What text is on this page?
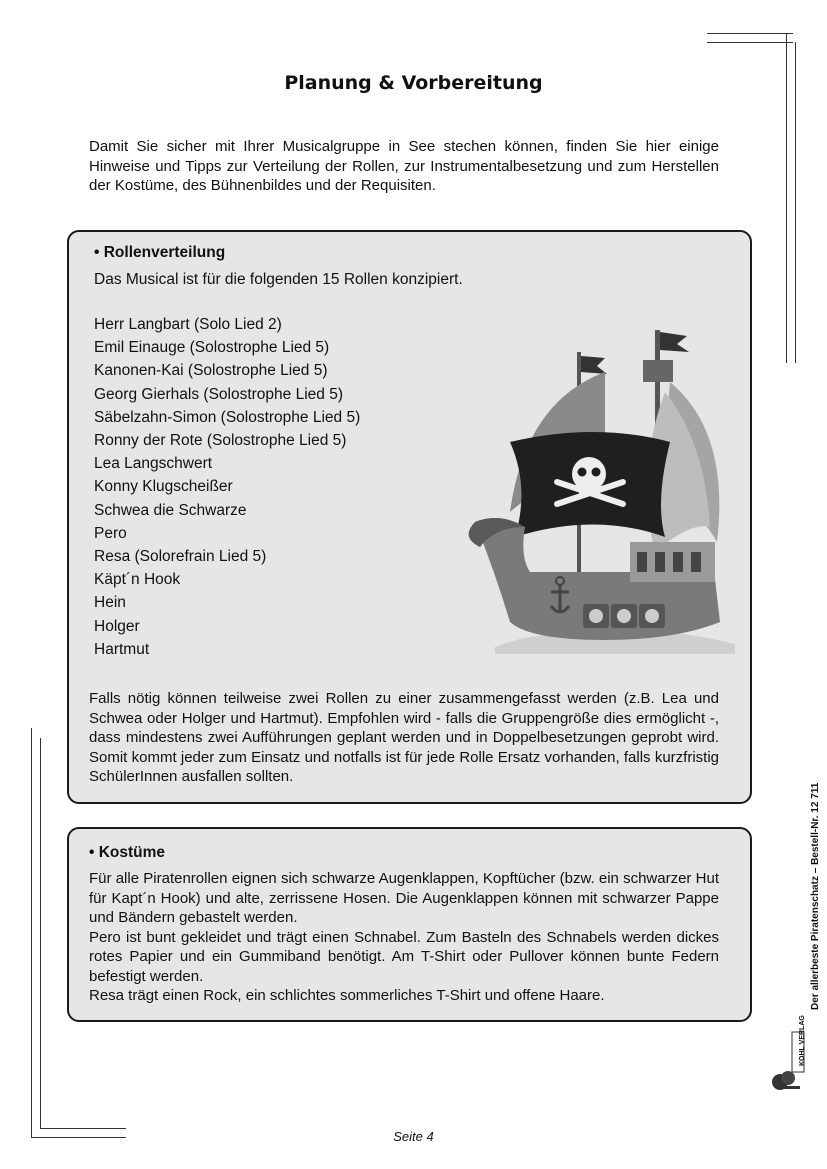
Planung & Vorbereitung
Damit Sie sicher mit Ihrer Musicalgruppe in See stechen können, finden Sie hier einige Hinweise und Tipps zur Verteilung der Rollen, zur Instrumentalbesetzung und zum Herstellen der Kostüme, des Bühnenbildes und der Requisiten.
• Rollenverteilung
Das Musical ist für die folgenden 15 Rollen konzipiert.
Herr Langbart (Solo Lied 2)
Emil Einauge (Solostrophe Lied 5)
Kanonen-Kai (Solostrophe Lied 5)
Georg Gierhals (Solostrophe Lied 5)
Säbelzahn-Simon (Solostrophe Lied 5)
Ronny der Rote (Solostrophe Lied 5)
Lea Langschwert
Konny Klugscheißer
Schwea die Schwarze
Pero
Resa (Solorefrain Lied 5)
Käpt´n Hook
Hein
Holger
Hartmut
Falls nötig können teilweise zwei Rollen zu einer zusammengefasst werden (z.B. Lea und Schwea oder Holger und Hartmut). Empfohlen wird - falls die Gruppengröße dies ermöglicht -, dass mindestens zwei Aufführungen geplant werden und in Doppelbesetzungen geprobt wird. Somit kommt jeder zum Einsatz und notfalls ist für jede Rolle Ersatz vorhanden, falls kurzfristig SchülerInnen ausfallen sollten.
• Kostüme
Für alle Piratenrollen eignen sich schwarze Augenklappen, Kopftücher (bzw. ein schwarzer Hut für Kapt´n Hook) und alte, zerrissene Hosen. Die Augenklappen können mit schwarzer Pappe und Bändern gebastelt werden.
Pero ist bunt gekleidet und trägt einen Schnabel. Zum Basteln des Schnabels werden dickes rotes Papier und ein Gummiband benötigt. Am T-Shirt oder Pullover können bunte Federn befestigt werden.
Resa trägt einen Rock, ein schlichtes sommerliches T-Shirt und offene Haare.	Der allerbeste Piratenschatz – Bestell-Nr. 12 711
KOHL VERLAG
Seite 4
